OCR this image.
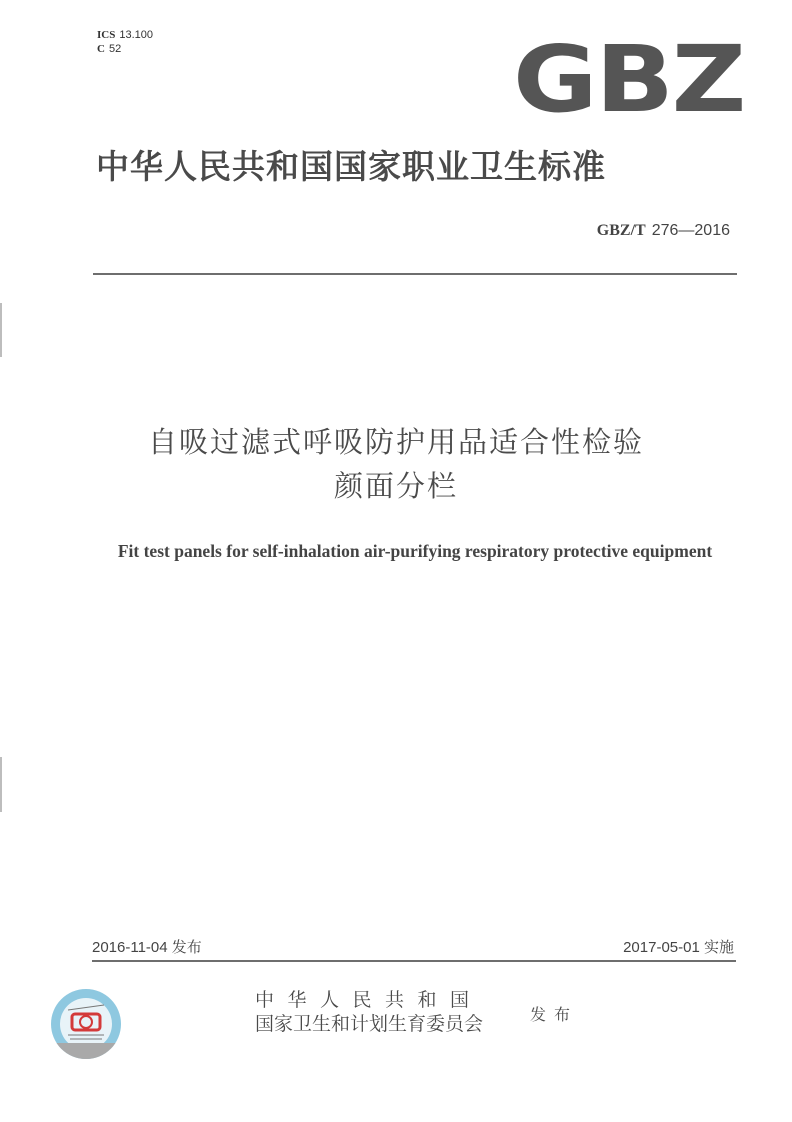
ICS 13.100
C 52	GBZ
中华人民共和国国家职业卫生标准
GBZ/T 276—2016
自吸过滤式呼吸防护用品适合性检验
颜面分栏
Fit test panels for self-inhalation air-purifying respiratory protective equipment
2016-11-04 发布	2017-05-01 实施
中华人民共和国
国家卫生和计划生育委员会	发布
